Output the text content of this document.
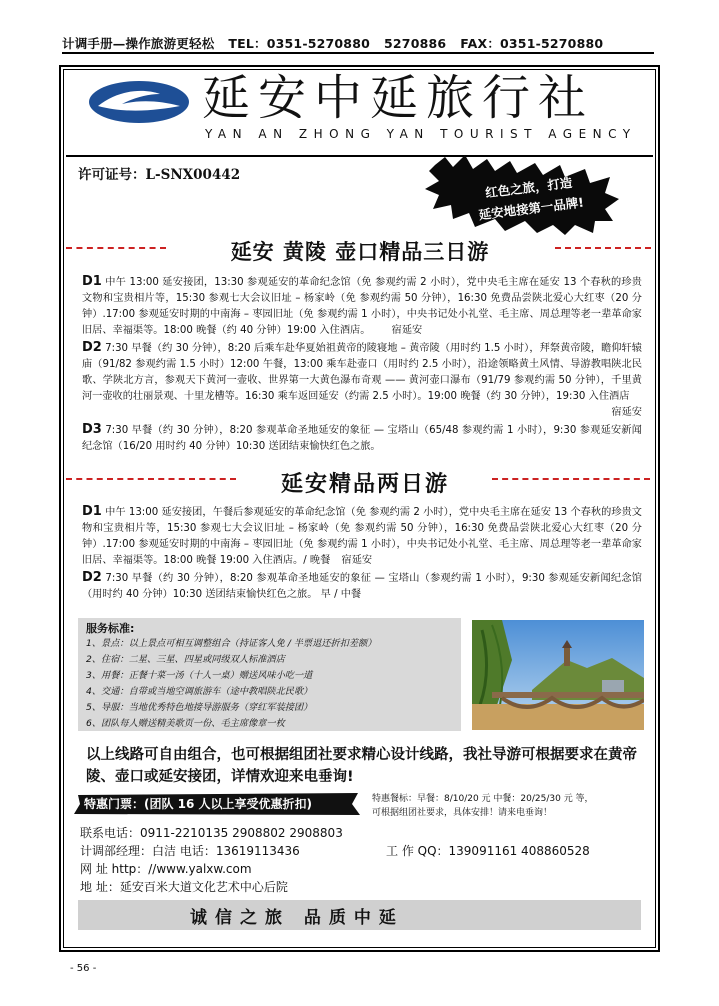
计调手册—操作旅游更轻松 TEL：0351-5270880 5270886 FAX：0351-5270880
延安中延旅行社
YAN AN ZHONG YAN TOURIST AGENCY
许可证号：L-SNX00442	红色之旅，打造
延安地接第一品牌!
延安 黄陵 壶口精品三日游
D1 中午 13:00 延安接团，13:30 参观延安的革命纪念馆（免 参观约需 2 小时），党中央毛主席在延安 13 个春秋的珍贵文物和宝贵相片等，15:30 参观七大会议旧址 – 杨家岭（免 参观约需 50 分钟），16:30 免费品尝陕北爱心大红枣（20 分钟）.17:00 参观延安时期的中南海 – 枣园旧址（免 参观约需 1 小时），中央书记处小礼堂、毛主席、周总理等老一辈革命家旧居、幸福渠等。18:00 晚餐（约 40 分钟）19:00 入住酒店。 宿延安
D2 7:30 早餐（约 30 分钟），8:20 后乘车赴华夏始祖黄帝的陵寝地 – 黄帝陵（用时约 1.5 小时），拜祭黄帝陵，瞻仰轩辕庙（91/82 参观约需 1.5 小时）12:00 午餐，13:00 乘车赴壶口（用时约 2.5 小时），沿途领略黄土风情、导游教唱陕北民歌、学陕北方言，参观天下黄河一壶收、世界第一大黄色瀑布奇观 —— 黄河壶口瀑布（91/79 参观约需 50 分钟），千里黄河一壶收的壮丽景观、十里龙槽等。16:30 乘车返回延安（约需 2.5 小时）。19:00 晚餐（约 30 分钟），19:30 入住酒店
宿延安
D3 7:30 早餐（约 30 分钟），8:20 参观革命圣地延安的象征 — 宝塔山（65/48 参观约需 1 小时），9:30 参观延安新闻纪念馆（16/20 用时约 40 分钟）10:30 送团结束愉快红色之旅。
延安精品两日游
D1 中午 13:00 延安接团，午餐后参观延安的革命纪念馆（免 参观约需 2 小时），党中央毛主席在延安 13 个春秋的珍贵文物和宝贵相片等，15:30 参观七大会议旧址 – 杨家岭（免 参观约需 50 分钟），16:30 免费品尝陕北爱心大红枣（20 分钟）.17:00 参观延安时期的中南海 – 枣园旧址（免 参观约需 1 小时），中央书记处小礼堂、毛主席、周总理等老一辈革命家旧居、幸福渠等。18:00 晚餐 19:00 入住酒店。/ 晚餐 宿延安
D2 7:30 早餐（约 30 分钟），8:20 参观革命圣地延安的象征 — 宝塔山（参观约需 1 小时），9:30 参观延安新闻纪念馆（用时约 40 分钟）10:30 送团结束愉快红色之旅。 早 / 中餐
服务标准:
1、景点：以上景点可相互调整组合（持证客人免 / 半票退还折扣差额）
2、住宿：二星、三星、四星或同级双人标准酒店
3、用餐：正餐十菜一汤（十人一桌）赠送风味小吃一道
4、交通：自带或当地空调旅游车（途中教唱陕北民歌）
5、导服：当地优秀特色地接导游服务（穿红军装接团）
6、团队每人赠送精美歌页一份、毛主席像章一枚
以上线路可自由组合，也可根据组团社要求精心设计线路，我社导游可根据要求在黄帝陵、壶口或延安接团，详情欢迎来电垂询!
特惠门票：(团队 16 人以上享受优惠折扣)	特惠餐标：早餐：8/10/20 元 中餐：20/25/30 元 等，
可根据组团社要求，具体安排！请来电垂询！
联系电话：0911-2210135 2908802 2908803
计调部经理：白洁 电话：13619113436	工 作 QQ：139091161 408860528
网 址 http：//www.yalxw.com
地 址：延安百米大道文化艺术中心后院
诚信之旅 品质中延
- 56 -
